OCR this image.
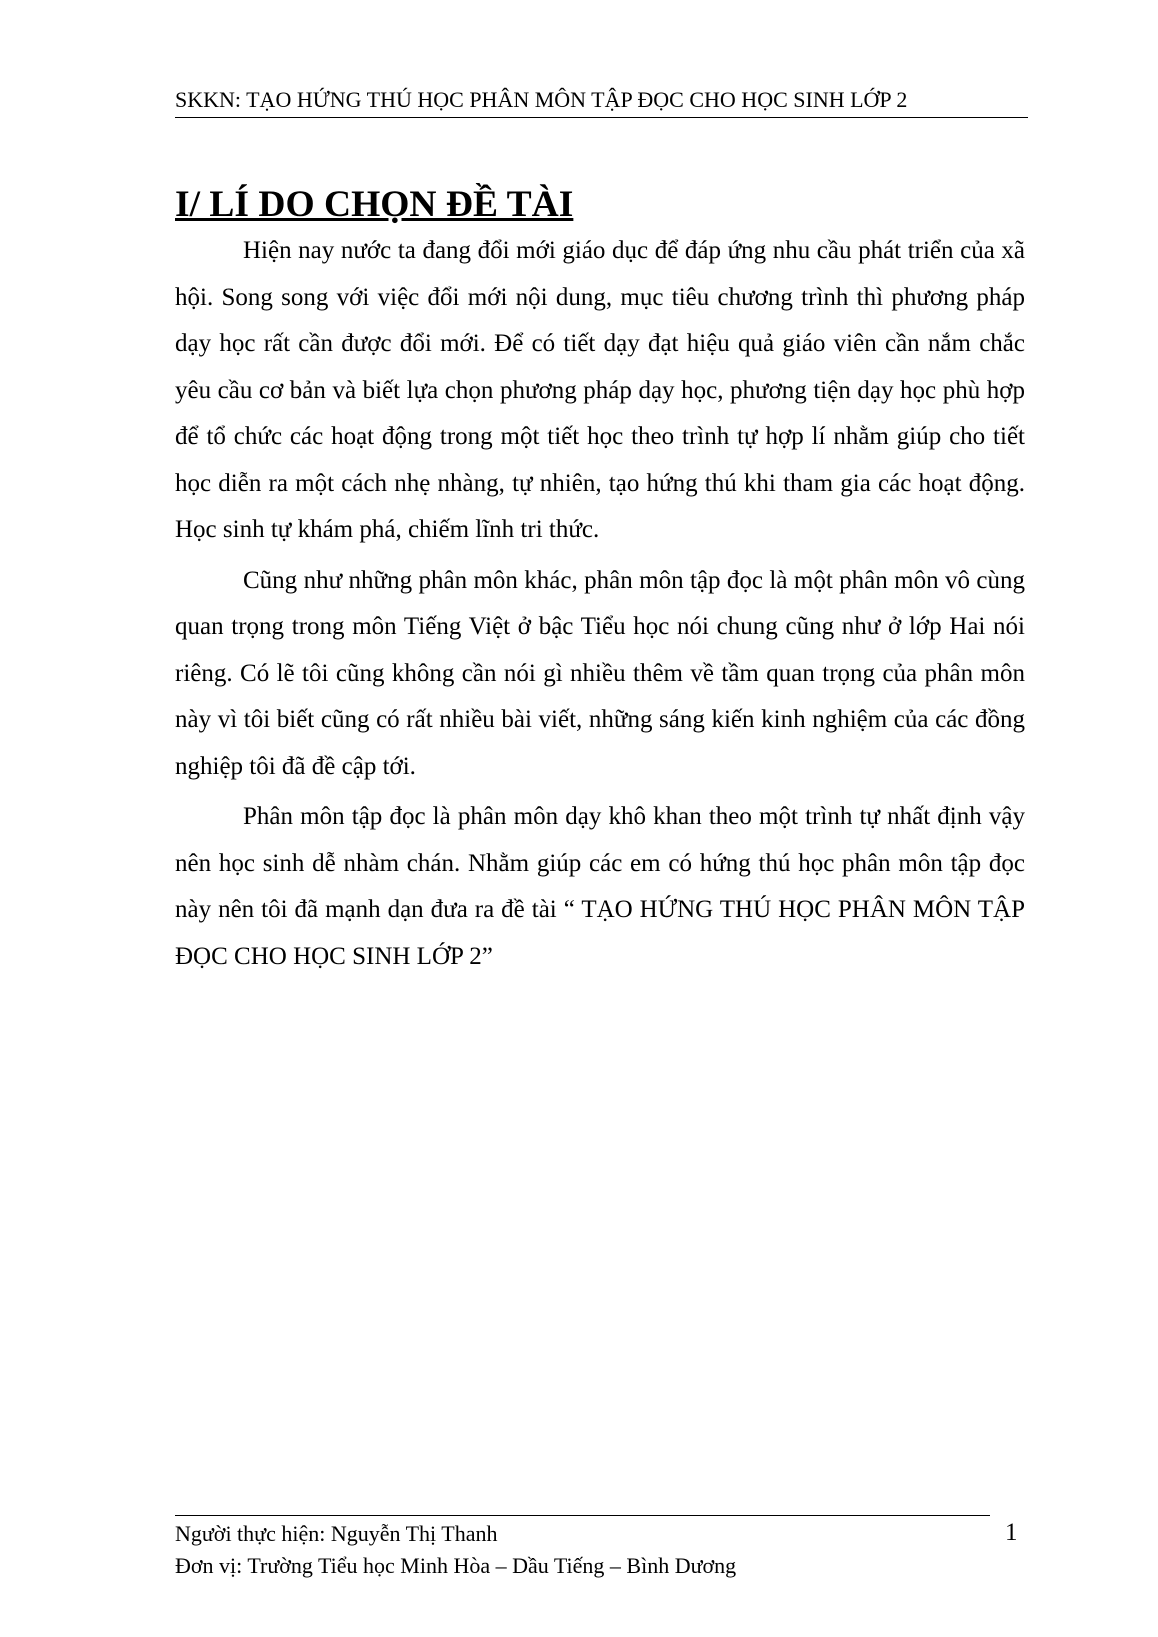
SKKN: TẠO HỨNG THÚ HỌC PHÂN MÔN TẬP ĐỌC CHO HỌC SINH LỚP 2
I/ LÍ DO CHỌN ĐỀ TÀI

Hiện nay nước ta đang đổi mới giáo dục để đáp ứng nhu cầu phát triển của xã hội. Song song với việc đổi mới nội dung, mục tiêu chương trình thì phương pháp dạy học rất cần được đổi mới. Để có tiết dạy đạt hiệu quả giáo viên cần nắm chắc yêu cầu cơ bản và biết lựa chọn phương pháp dạy học, phương tiện dạy học phù hợp để tổ chức các hoạt động trong một tiết học theo trình tự hợp lí nhằm giúp cho tiết học diễn ra một cách nhẹ nhàng, tự nhiên, tạo hứng thú khi tham gia các hoạt động. Học sinh tự khám phá, chiếm lĩnh tri thức.

Cũng như những phân môn khác, phân môn tập đọc là một phân môn vô cùng quan trọng trong môn Tiếng Việt ở bậc Tiểu học nói chung cũng như ở lớp Hai nói riêng. Có lẽ tôi cũng không cần nói gì nhiều thêm về tầm quan trọng của phân môn này vì tôi biết cũng có rất nhiều bài viết, những sáng kiến kinh nghiệm của các đồng nghiệp tôi đã đề cập tới.

Phân môn tập đọc là phân môn dạy khô khan theo một trình tự nhất định vậy nên học sinh dễ nhàm chán. Nhằm giúp các em có hứng thú học phân môn tập đọc này nên tôi đã mạnh dạn đưa ra đề tài “ TẠO HỨNG THÚ HỌC PHÂN MÔN TẬP ĐỌC CHO HỌC SINH LỚP 2”

Người thực hiện: Nguyễn Thị Thanh
Đơn vị: Trường Tiểu học Minh Hòa – Dầu Tiếng – Bình Dương
1
